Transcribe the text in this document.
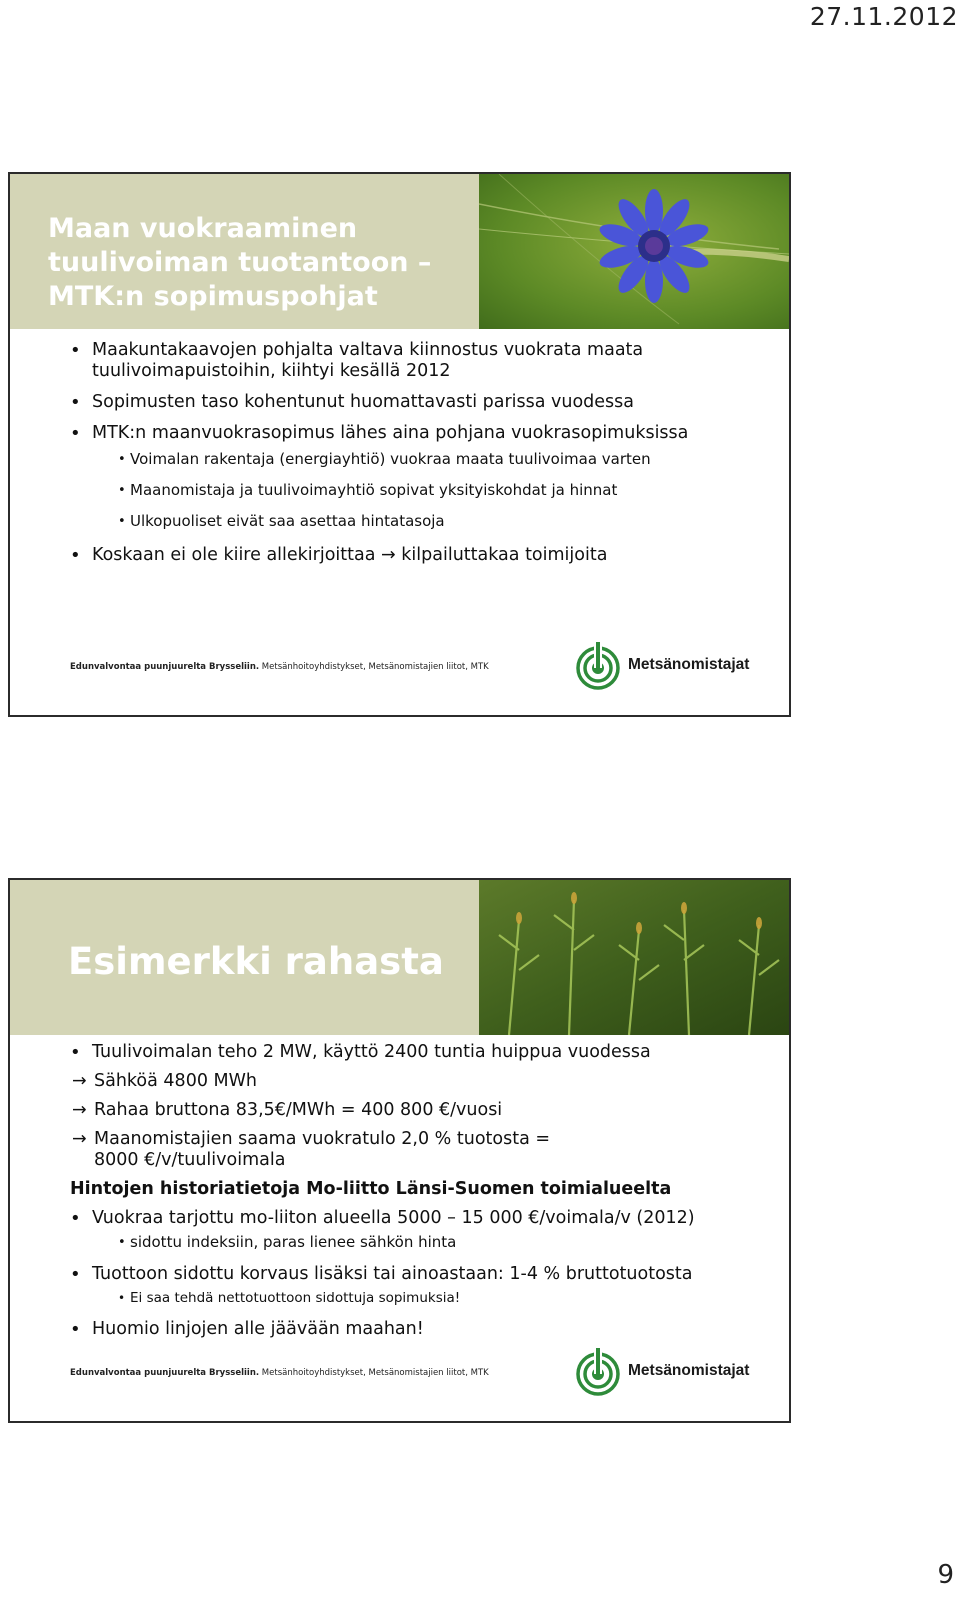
27.11.2012
Maan vuokraaminen
tuulivoiman tuotantoon –
MTK:n sopimuspohjat
• Maakuntakaavojen pohjalta valtava kiinnostus vuokrata maata tuulivoimapuistoihin, kiihtyi kesällä 2012
• Sopimusten taso kohentunut huomattavasti parissa vuodessa
• MTK:n maanvuokrasopimus lähes aina pohjana vuokrasopimuksissa
• Voimalan rakentaja (energiayhtiö) vuokraa maata tuulivoimaa varten
• Maanomistaja ja tuulivoimayhtiö sopivat yksityiskohdat ja hinnat
• Ulkopuoliset eivät saa asettaa hintatasoja
• Koskaan ei ole kiire allekirjoittaa → kilpailuttakaa toimijoita
Edunvalvontaa puunjuurelta Brysseliin. Metsänhoitoyhdistykset, Metsänomistajien liitot, MTK	Metsänomistajat
Esimerkki rahasta
• Tuulivoimalan teho 2 MW, käyttö 2400 tuntia huippua vuodessa
→ Sähköä 4800 MWh
→ Rahaa bruttona 83,5€/MWh = 400 800 €/vuosi
→ Maanomistajien saama vuokratulo 2,0 % tuotosta = 8000 €/v/tuulivoimala
Hintojen historiatietoja Mo-liitto Länsi-Suomen toimialueelta
• Vuokraa tarjottu mo-liiton alueella 5000 – 15 000 €/voimala/v (2012)
• sidottu indeksiin, paras lienee sähkön hinta
• Tuottoon sidottu korvaus lisäksi tai ainoastaan: 1-4 % bruttotuotosta
• Ei saa tehdä nettotuottoon sidottuja sopimuksia!
• Huomio linjojen alle jäävään maahan!
Edunvalvontaa puunjuurelta Brysseliin. Metsänhoitoyhdistykset, Metsänomistajien liitot, MTK	Metsänomistajat
9
